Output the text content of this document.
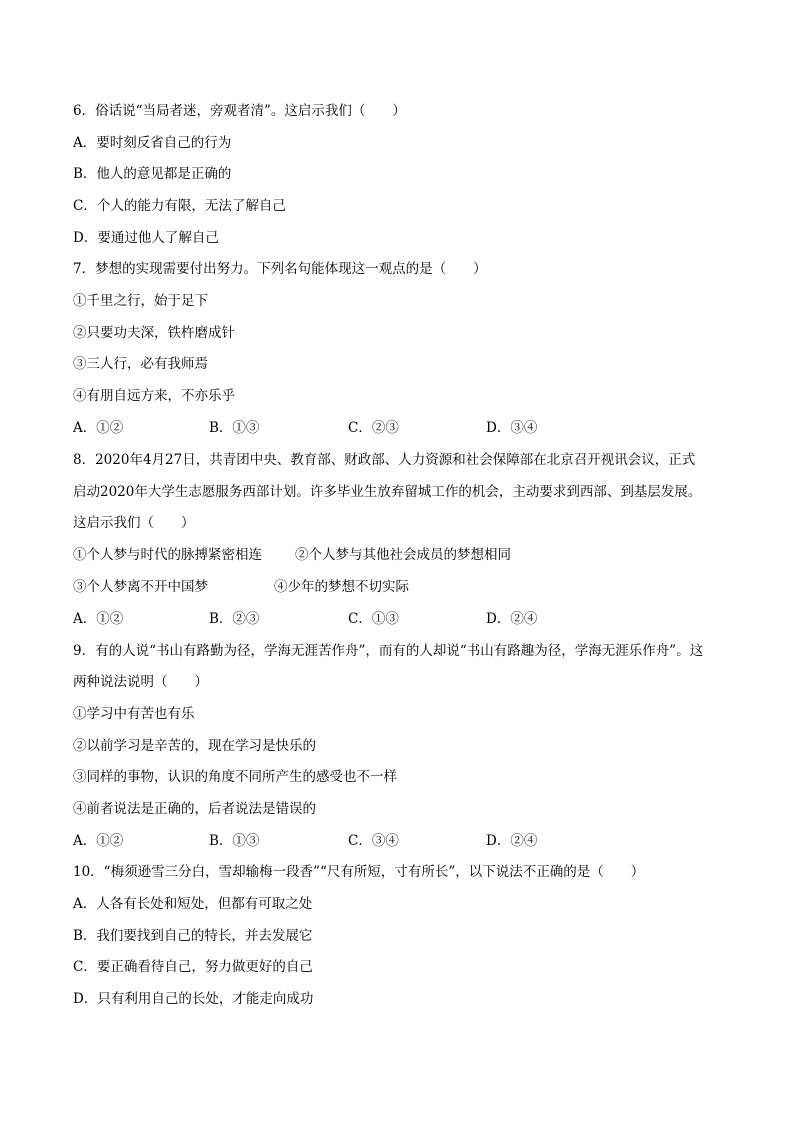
6．俗话说“当局者迷，旁观者清”。这启示我们（　　）
A．要时刻反省自己的行为
B．他人的意见都是正确的
C．个人的能力有限，无法了解自己
D．要通过他人了解自己
7．梦想的实现需要付出努力。下列名句能体现这一观点的是（　　）
①千里之行，始于足下
②只要功夫深，铁杵磨成针
③三人行，必有我师焉
④有朋自远方来，不亦乐乎
A．①②	B．①③	C．②③	D．③④
8．2020年4月27日，共青团中央、教育部、财政部、人力资源和社会保障部在北京召开视讯会议，正式
启动2020年大学生志愿服务西部计划。许多毕业生放弃留城工作的机会，主动要求到西部、到基层发展。
这启示我们（　　）
①个人梦与时代的脉搏紧密相连 ②个人梦与其他社会成员的梦想相同
③个人梦离不开中国梦	④少年的梦想不切实际
A．①②	B．②③	C．①③	D．②④
9．有的人说“书山有路勤为径，学海无涯苦作舟”，而有的人却说“书山有路趣为径，学海无涯乐作舟”。这
两种说法说明（　　）
①学习中有苦也有乐
②以前学习是辛苦的，现在学习是快乐的
③同样的事物，认识的角度不同所产生的感受也不一样
④前者说法是正确的，后者说法是错误的
A．①②	B．①③	C．③④	D．②④
10．“梅须逊雪三分白，雪却输梅一段香”“尺有所短，寸有所长”，以下说法不正确的是（　　）
A．人各有长处和短处，但都有可取之处
B．我们要找到自己的特长，并去发展它
C．要正确看待自己，努力做更好的自己
D．只有利用自己的长处，才能走向成功
